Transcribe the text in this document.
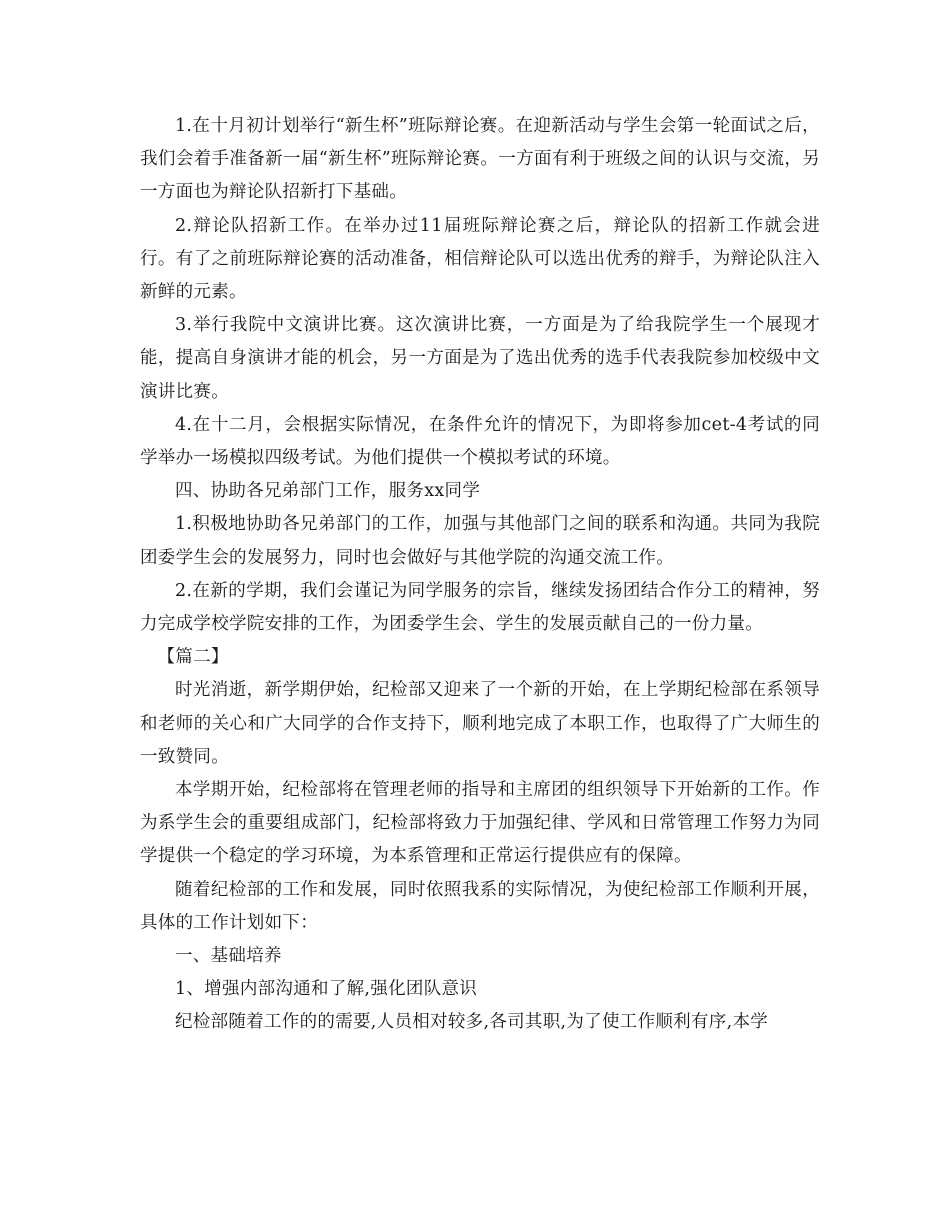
1.在十月初计划举行“新生杯”班际辩论赛。在迎新活动与学生会第一轮面试之后，我们会着手准备新一届“新生杯”班际辩论赛。一方面有利于班级之间的认识与交流，另一方面也为辩论队招新打下基础。

2.辩论队招新工作。在举办过11届班际辩论赛之后，辩论队的招新工作就会进行。有了之前班际辩论赛的活动准备，相信辩论队可以选出优秀的辩手，为辩论队注入新鲜的元素。

3.举行我院中文演讲比赛。这次演讲比赛，一方面是为了给我院学生一个展现才能，提高自身演讲才能的机会，另一方面是为了选出优秀的选手代表我院参加校级中文演讲比赛。

4.在十二月，会根据实际情况，在条件允许的情况下，为即将参加cet-4考试的同学举办一场模拟四级考试。为他们提供一个模拟考试的环境。

四、协助各兄弟部门工作，服务xx同学

1.积极地协助各兄弟部门的工作，加强与其他部门之间的联系和沟通。共同为我院团委学生会的发展努力，同时也会做好与其他学院的沟通交流工作。

2.在新的学期，我们会谨记为同学服务的宗旨，继续发扬团结合作分工的精神，努力完成学校学院安排的工作，为团委学生会、学生的发展贡献自己的一份力量。

【篇二】

时光消逝，新学期伊始，纪检部又迎来了一个新的开始，在上学期纪检部在系领导和老师的关心和广大同学的合作支持下，顺利地完成了本职工作，也取得了广大师生的一致赞同。

本学期开始，纪检部将在管理老师的指导和主席团的组织领导下开始新的工作。作为系学生会的重要组成部门，纪检部将致力于加强纪律、学风和日常管理工作努力为同学提供一个稳定的学习环境，为本系管理和正常运行提供应有的保障。

随着纪检部的工作和发展，同时依照我系的实际情况，为使纪检部工作顺利开展，具体的工作计划如下：

一、基础培养

1、增强内部沟通和了解,强化团队意识

纪检部随着工作的的需要,人员相对较多,各司其职,为了使工作顺利有序,本学
